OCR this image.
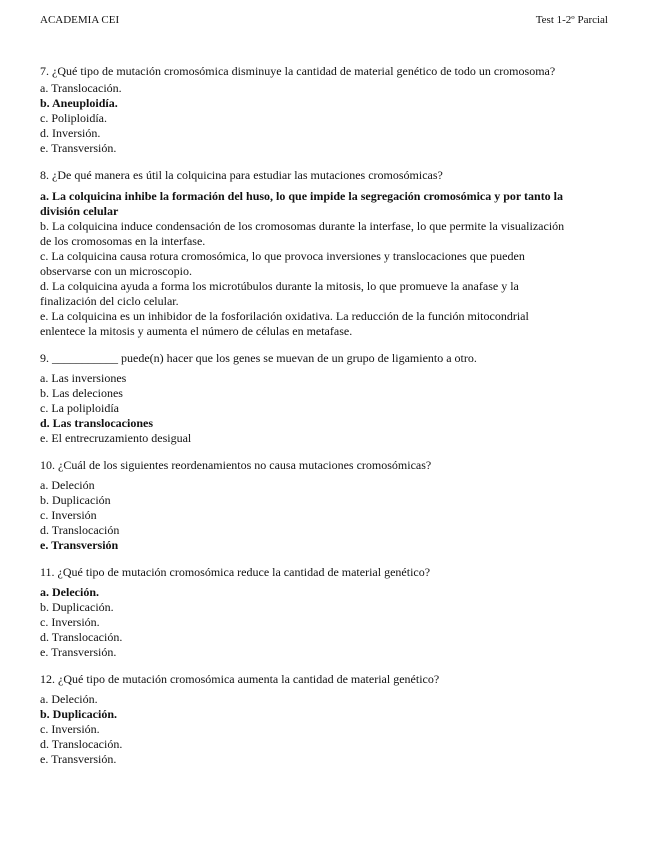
ACADEMIA CEI	Test 1-2º Parcial
7. ¿Qué tipo de mutación cromosómica disminuye la cantidad de material genético de todo un cromosoma?
a. Translocación.
b. Aneuploidía.
c. Poliploidía.
d. Inversión.
e. Transversión.
8. ¿De qué manera es útil la colquicina para estudiar las mutaciones cromosómicas?
a. La colquicina inhibe la formación del huso, lo que impide la segregación cromosómica y por tanto la división celular
b. La colquicina induce condensación de los cromosomas durante la interfase, lo que permite la visualización de los cromosomas en la interfase.
c. La colquicina causa rotura cromosómica, lo que provoca inversiones y translocaciones que pueden observarse con un microscopio.
d. La colquicina ayuda a forma los microtúbulos durante la mitosis, lo que promueve la anafase y la finalización del ciclo celular.
e. La colquicina es un inhibidor de la fosforilación oxidativa. La reducción de la función mitocondrial enlentece la mitosis y aumenta el número de células en metafase.
9. ___________ puede(n) hacer que los genes se muevan de un grupo de ligamiento a otro.
a. Las inversiones
b. Las deleciones
c. La poliploidía
d. Las translocaciones
e. El entrecruzamiento desigual
10. ¿Cuál de los siguientes reordenamientos no causa mutaciones cromosómicas?
a. Deleción
b. Duplicación
c. Inversión
d. Translocación
e. Transversión
11. ¿Qué tipo de mutación cromosómica reduce la cantidad de material genético?
a. Deleción.
b. Duplicación.
c. Inversión.
d. Translocación.
e. Transversión.
12. ¿Qué tipo de mutación cromosómica aumenta la cantidad de material genético?
a. Deleción.
b. Duplicación.
c. Inversión.
d. Translocación.
e. Transversión.
